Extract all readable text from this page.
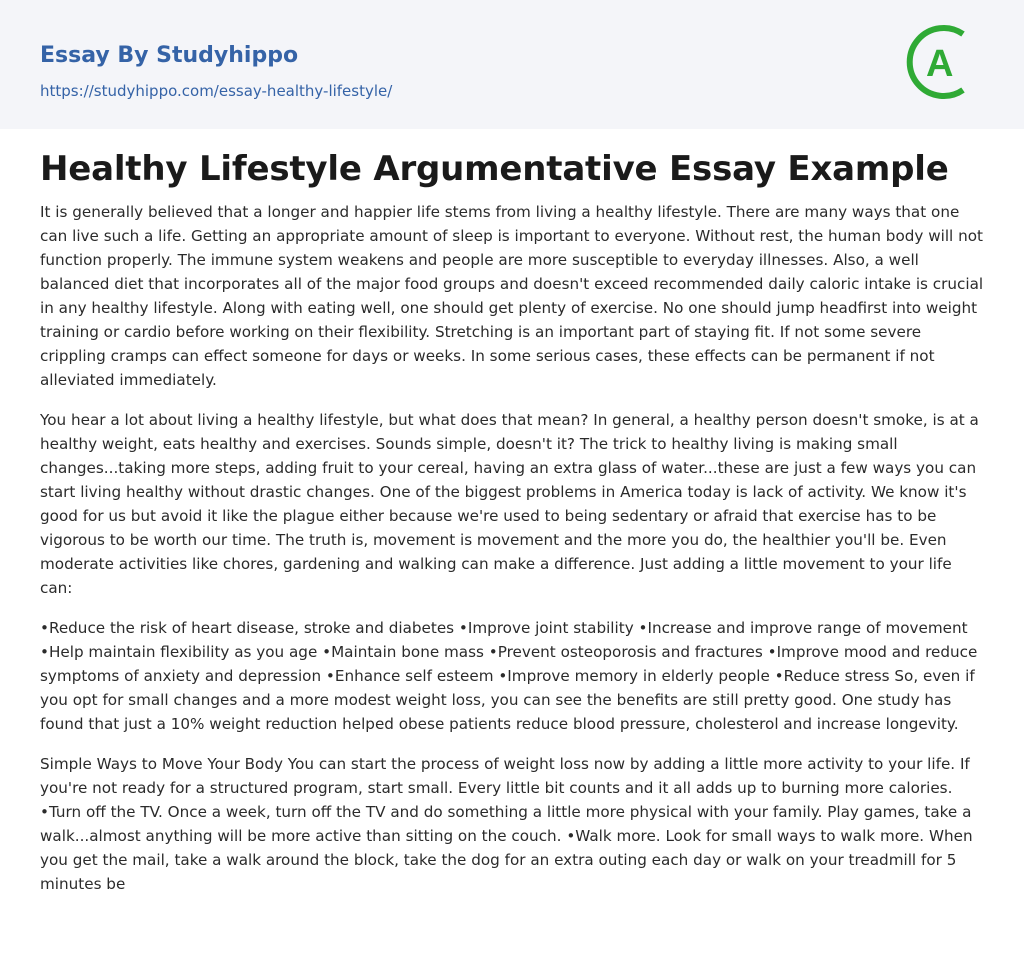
Essay By Studyhippo
https://studyhippo.com/essay-healthy-lifestyle/
A
Healthy Lifestyle Argumentative Essay Example

It is generally believed that a longer and happier life stems from living a healthy lifestyle. There are many ways that one can live such a life. Getting an appropriate amount of sleep is important to everyone. Without rest, the human body will not function properly. The immune system weakens and people are more susceptible to everyday illnesses. Also, a well balanced diet that incorporates all of the major food groups and doesn't exceed recommended daily caloric intake is crucial in any healthy lifestyle. Along with eating well, one should get plenty of exercise. No one should jump headfirst into weight training or cardio before working on their flexibility. Stretching is an important part of staying fit. If not some severe crippling cramps can effect someone for days or weeks. In some serious cases, these effects can be permanent if not alleviated immediately.

You hear a lot about living a healthy lifestyle, but what does that mean? In general, a healthy person doesn't smoke, is at a healthy weight, eats healthy and exercises. Sounds simple, doesn't it? The trick to healthy living is making small changes...taking more steps, adding fruit to your cereal, having an extra glass of water...these are just a few ways you can start living healthy without drastic changes. One of the biggest problems in America today is lack of activity. We know it's good for us but avoid it like the plague either because we're used to being sedentary or afraid that exercise has to be vigorous to be worth our time. The truth is, movement is movement and the more you do, the healthier you'll be. Even moderate activities like chores, gardening and walking can make a difference. Just adding a little movement to your life can:

•Reduce the risk of heart disease, stroke and diabetes •Improve joint stability •Increase and improve range of movement •Help maintain flexibility as you age •Maintain bone mass •Prevent osteoporosis and fractures •Improve mood and reduce symptoms of anxiety and depression •Enhance self esteem •Improve memory in elderly people •Reduce stress So, even if you opt for small changes and a more modest weight loss, you can see the benefits are still pretty good. One study has found that just a 10% weight reduction helped obese patients reduce blood pressure, cholesterol and increase longevity.

Simple Ways to Move Your Body You can start the process of weight loss now by adding a little more activity to your life. If you're not ready for a structured program, start small. Every little bit counts and it all adds up to burning more calories. •Turn off the TV. Once a week, turn off the TV and do something a little more physical with your family. Play games, take a walk...almost anything will be more active than sitting on the couch. •Walk more. Look for small ways to walk more. When you get the mail, take a walk around the block, take the dog for an extra outing each day or walk on your treadmill for 5 minutes be
